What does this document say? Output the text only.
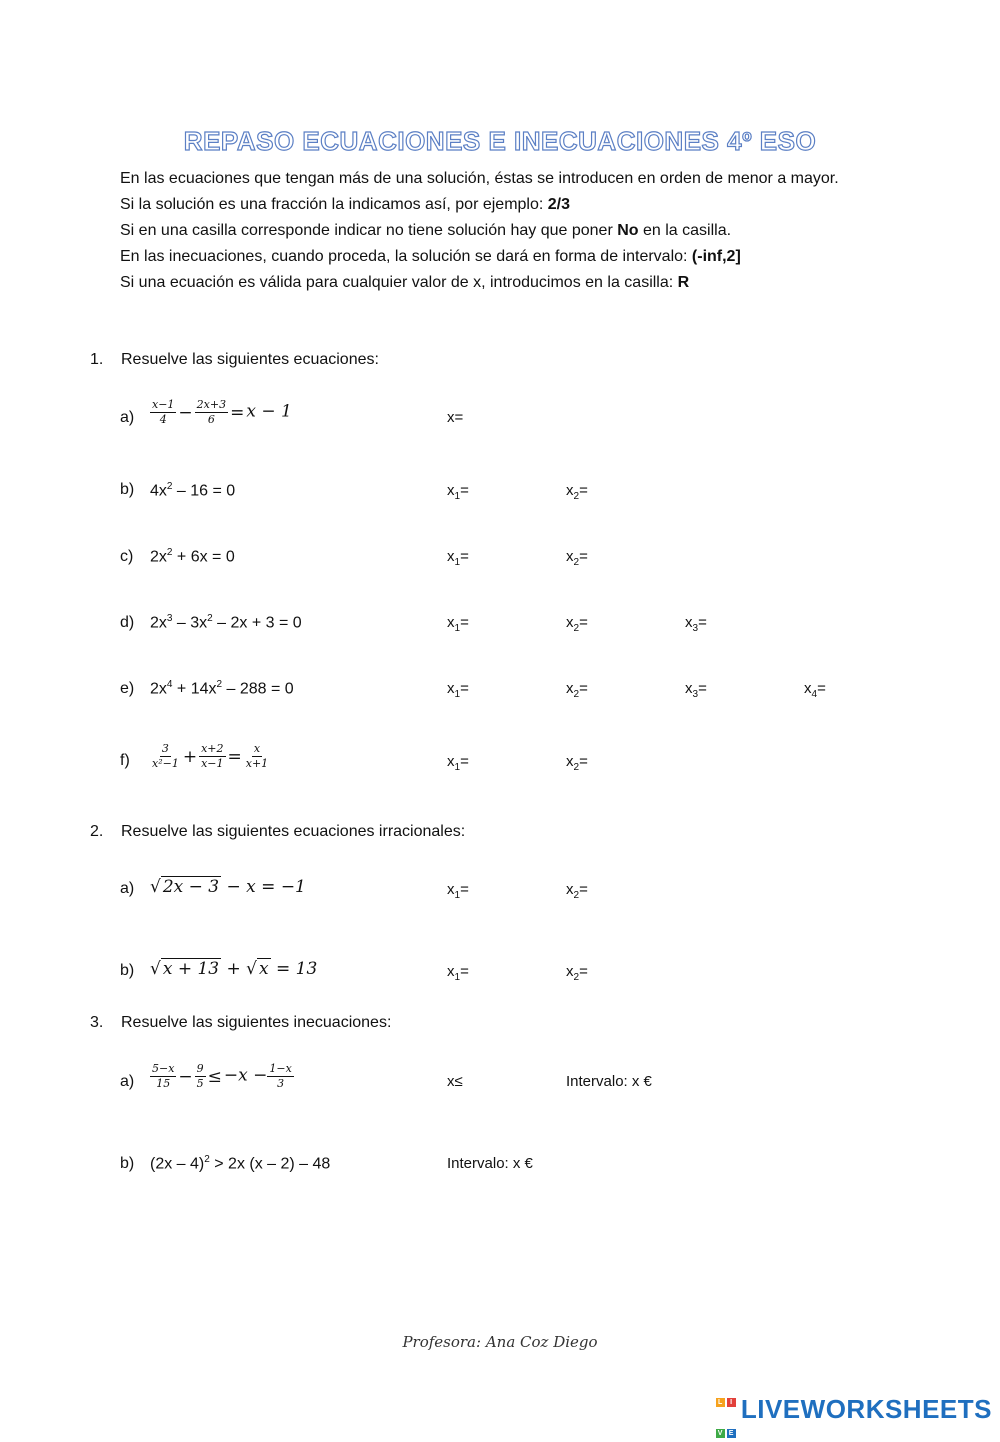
REPASO ECUACIONES E INECUACIONES 4º ESO
En las ecuaciones que tengan más de una solución, éstas se introducen en orden de menor a mayor.
Si la solución es una fracción la indicamos así, por ejemplo: 2/3
Si en una casilla corresponde indicar no tiene solución hay que poner No en la casilla.
En las inecuaciones, cuando proceda, la solución se dará en forma de intervalo: (-inf,2]
Si una ecuación es válida para cualquier valor de x, introducimos en la casilla: R
1. Resuelve las siguientes ecuaciones:
$a) \frac{x-1}{4} - \frac{2x+3}{6} = x - 1$	x=
b) $4x^2 - 16 = 0$	$x_1=$	$x_2=$
c) $2x^2 + 6x = 0$	$x_1=$	$x_2=$
d) $2x^3 - 3x^2 - 2x + 3 = 0$	$x_1=$	$x_2=$	$x_3=$
e) $2x^4 + 14x^2 - 288 = 0$	$x_1=$	$x_2=$	$x_3=$	$x_4=$
$f) \frac{3}{\text{x²−1}} + \frac{x+2}{x-1} = \frac{x}{x+1}$	$x_1=$	$x_2=$
2. Resuelve las siguientes ecuaciones irracionales:
a) √ 2x − 3 − x = −1	$x_1=$	$x_2=$
b) √ x + 13 + √ x = 13	$x_1=$	$x_2=$
3. Resuelve las siguientes inecuaciones:
$a) \frac{5-x}{15} - \frac{9}{5} \le -x - \frac{1-x}{3}$	x≤	Intervalo: x €
b) (2x – 4)$^2$ > 2x (x – 2) – 48	Intervalo: x €
Profesora: Ana Coz Diego
L I
V ELIVEWORKSHEETS
